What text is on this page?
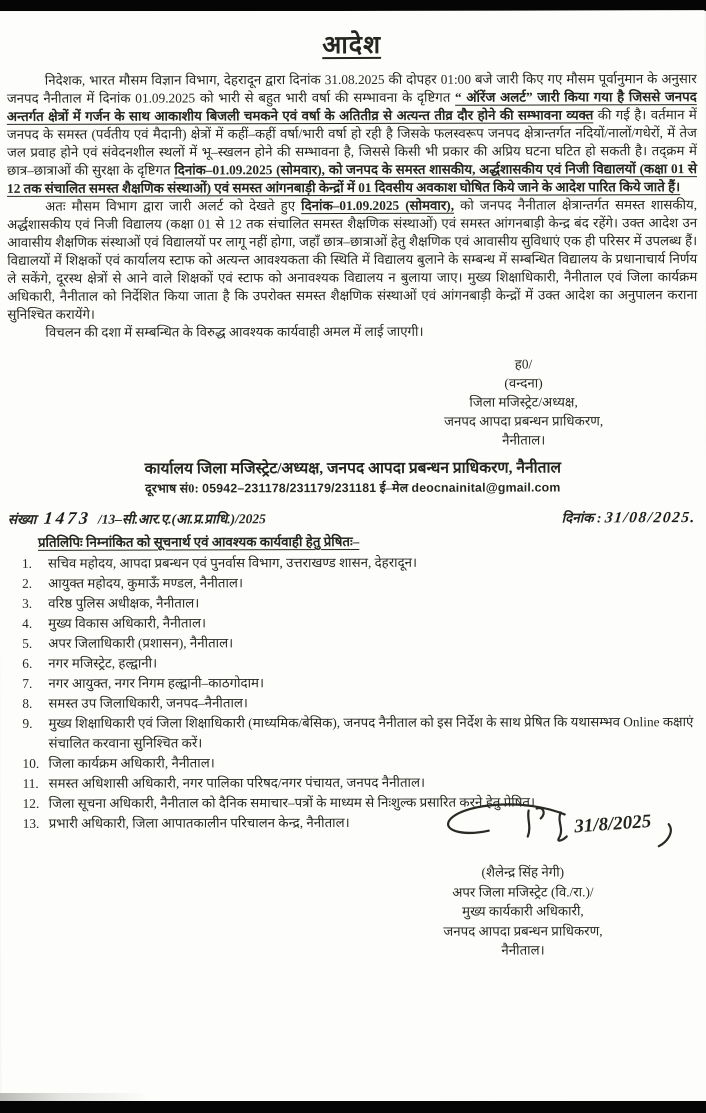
आदेश

निदेशक, भारत मौसम विज्ञान विभाग, देहरादून द्वारा दिनांक 31.08.2025 की दोपहर 01:00 बजे जारी किए गए मौसम पूर्वानुमान के अनुसार जनपद नैनीताल में दिनांक 01.09.2025 को भारी से बहुत भारी वर्षा की सम्भावना के दृष्टिगत “ ऑरेंज अलर्ट” जारी किया गया है जिससे जनपद अन्तर्गत क्षेत्रों में गर्जन के साथ आकाशीय बिजली चमकने एवं वर्षा के अतितीव्र से अत्यन्त तीव्र दौर होने की सम्भावना व्यक्त की गई है। वर्तमान में जनपद के समस्त (पर्वतीय एवं मैदानी) क्षेत्रों में कहीं–कहीं वर्षा/भारी वर्षा हो रही है जिसके फलस्वरूप जनपद क्षेत्रान्तर्गत नदियों/नालों/गधेरों, में तेज जल प्रवाह होने एवं संवेदनशील स्थलों में भू–स्खलन होने की सम्भावना है, जिससे किसी भी प्रकार की अप्रिय घटना घटित हो सकती है। तद्क्रम में छात्र–छात्राओं की सुरक्षा के दृष्टिगत दिनांक–01.09.2025 (सोमवार), को जनपद के समस्त शासकीय, अर्द्धशासकीय एवं निजी विद्यालयों (कक्षा 01 से 12 तक संचालित समस्त शैक्षणिक संस्थाओं) एवं समस्त आंगनबाड़ी केन्द्रों में 01 दिवसीय अवकाश घोषित किये जाने के आदेश पारित किये जाते हैं।

अतः मौसम विभाग द्वारा जारी अलर्ट को देखते हुए दिनांक–01.09.2025 (सोमवार), को जनपद नैनीताल क्षेत्रान्तर्गत समस्त शासकीय, अर्द्धशासकीय एवं निजी विद्यालय (कक्षा 01 से 12 तक संचालित समस्त शैक्षणिक संस्थाओं) एवं समस्त आंगनबाड़ी केन्द्र बंद रहेंगे। उक्त आदेश उन आवासीय शैक्षणिक संस्थाओं एवं विद्यालयों पर लागू नहीं होगा, जहाँ छात्र–छात्राओं हेतु शैक्षणिक एवं आवासीय सुविधाएं एक ही परिसर में उपलब्ध हैं। विद्यालयों में शिक्षकों एवं कार्यालय स्टाफ को अत्यन्त आवश्यकता की स्थिति में विद्यालय बुलाने के सम्बन्ध में सम्बन्धित विद्यालय के प्रधानाचार्य निर्णय ले सकेंगे, दूरस्थ क्षेत्रों से आने वाले शिक्षकों एवं स्टाफ को अनावश्यक विद्यालय न बुलाया जाए। मुख्य शिक्षाधिकारी, नैनीताल एवं जिला कार्यक्रम अधिकारी, नैनीताल को निर्देशित किया जाता है कि उपरोक्त समस्त शैक्षणिक संस्थाओं एवं आंगनबाड़ी केन्द्रों में उक्त आदेश का अनुपालन कराना सुनिश्चित करायेंगे।

विचलन की दशा में सम्बन्धित के विरुद्ध आवश्यक कार्यवाही अमल में लाई जाएगी।

ह0/
(वन्दना)
जिला मजिस्ट्रेट/अध्यक्ष,
जनपद आपदा प्रबन्धन प्राधिकरण,
नैनीताल।
कार्यालय जिला मजिस्ट्रेट/अध्यक्ष, जनपद आपदा प्रबन्धन प्राधिकरण, नैनीताल
दूरभाष सं0: 05942–231178/231179/231181 ई–मेल deocnainital@gmail.com
संख्या 1473 /13–सी.आर.ए.(आ.प्र.प्राधि.)/2025	दिनांक : 31/08/2025.
प्रतिलिपिः निम्नांकित को सूचनार्थ एवं आवश्यक कार्यवाही हेतु प्रेषितः–
1.	सचिव महोदय, आपदा प्रबन्धन एवं पुनर्वास विभाग, उत्तराखण्ड शासन, देहरादून।
2.	आयुक्त महोदय, कुमाऊँ मण्डल, नैनीताल।
3.	वरिष्ठ पुलिस अधीक्षक, नैनीताल।
4.	मुख्य विकास अधिकारी, नैनीताल।
5.	अपर जिलाधिकारी (प्रशासन), नैनीताल।
6.	नगर मजिस्ट्रेट, हल्द्वानी।
7.	नगर आयुक्त, नगर निगम हल्द्वानी–काठगोदाम।
8.	समस्त उप जिलाधिकारी, जनपद–नैनीताल।
9.	मुख्य शिक्षाधिकारी एवं जिला शिक्षाधिकारी (माध्यमिक/बेसिक), जनपद नैनीताल को इस निर्देश के साथ प्रेषित कि यथासम्भव Online कक्षाएं संचालित करवाना सुनिश्चित करें।
10. जिला कार्यक्रम अधिकारी, नैनीताल।
11. समस्त अधिशासी अधिकारी, नगर पालिका परिषद/नगर पंचायत, जनपद नैनीताल।
12. जिला सूचना अधिकारी, नैनीताल को दैनिक समाचार–पत्रों के माध्यम से निःशुल्क प्रसारित करने हेतु प्रेषित।
13. प्रभारी अधिकारी, जिला आपातकालीन परिचालन केन्द्र, नैनीताल।	31/8/2025
(शैलेन्द्र सिंह नेगी)
अपर जिला मजिस्ट्रेट (वि./रा.)/
मुख्य कार्यकारी अधिकारी,
जनपद आपदा प्रबन्धन प्राधिकरण,
नैनीताल।
